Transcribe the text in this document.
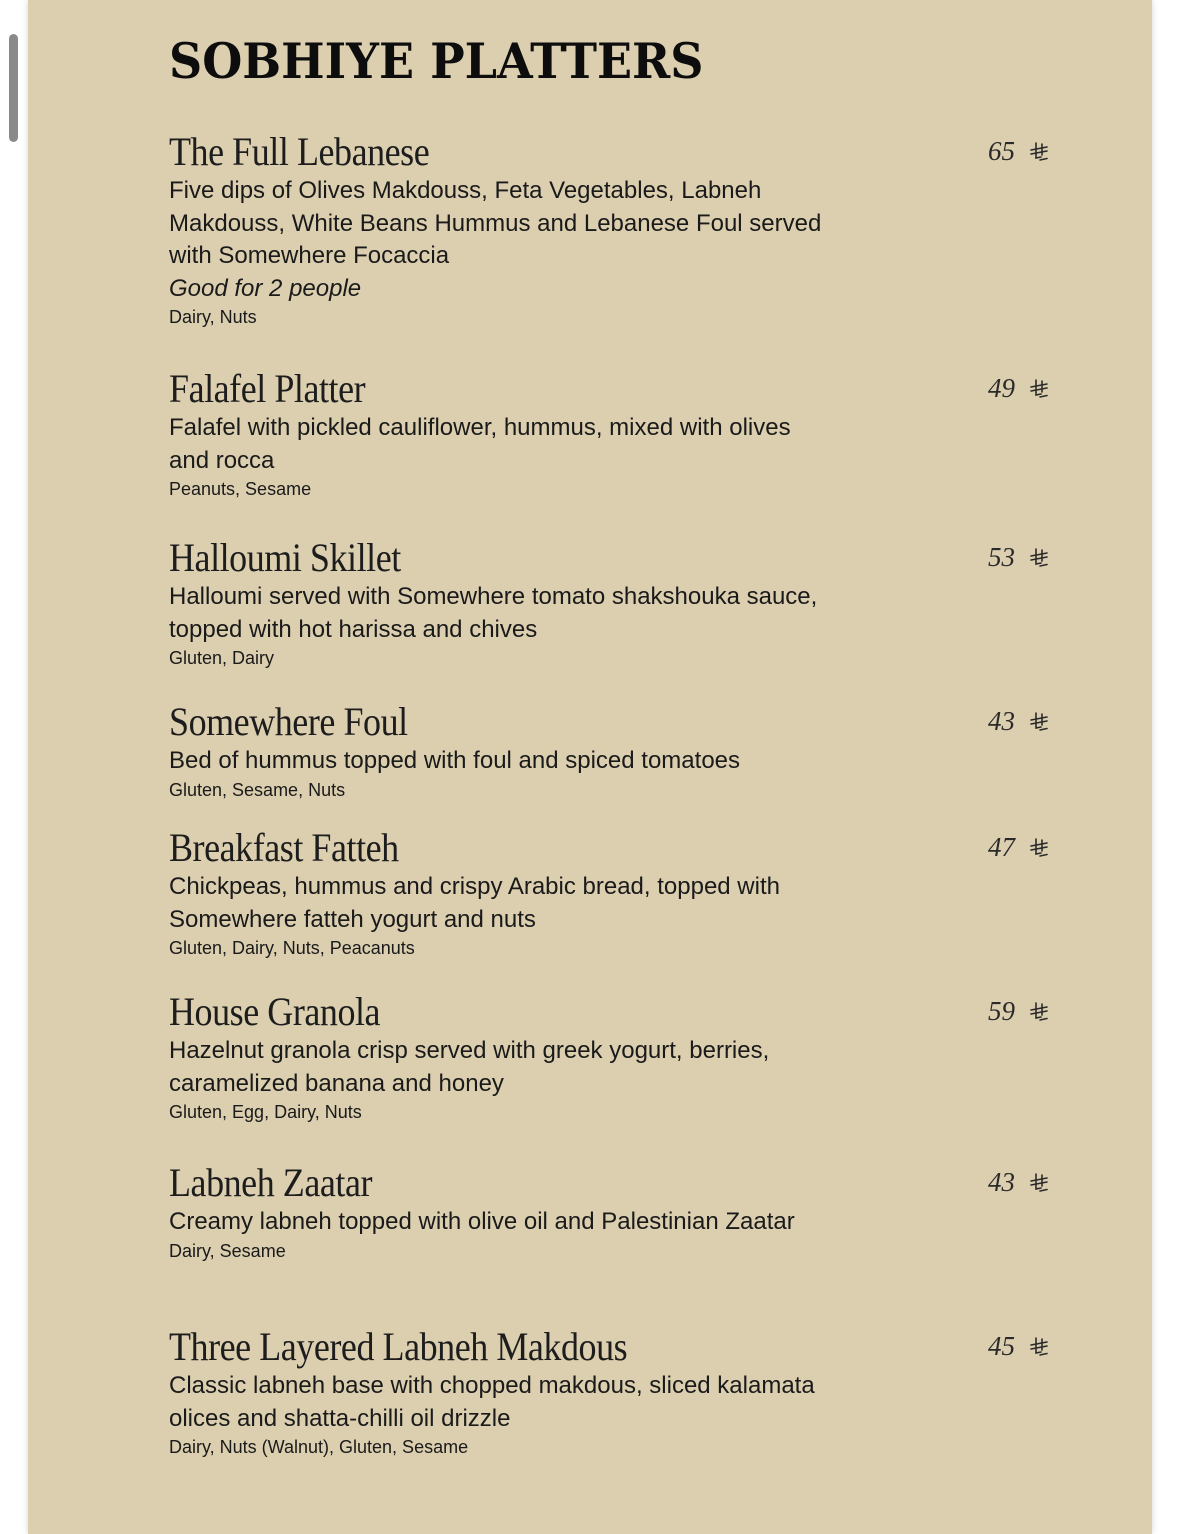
SOBHIYE PLATTERS
The Full Lebanese
Five dips of Olives Makdouss, Feta Vegetables, Labneh Makdouss, White Beans Hummus and Lebanese Foul served with Somewhere Focaccia
Good for 2 people
Dairy, Nuts
65
Falafel Platter
Falafel with pickled cauliflower, hummus, mixed with olives and rocca
Peanuts, Sesame
49
Halloumi Skillet
Halloumi served with Somewhere tomato shakshouka sauce, topped with hot harissa and chives
Gluten, Dairy
53
Somewhere Foul
Bed of hummus topped with foul and spiced tomatoes
Gluten, Sesame, Nuts
43
Breakfast Fatteh
Chickpeas, hummus and crispy Arabic bread, topped with Somewhere fatteh yogurt and nuts
Gluten, Dairy, Nuts, Peacanuts
47
House Granola
Hazelnut granola crisp served with greek yogurt, berries, caramelized banana and honey
Gluten, Egg, Dairy, Nuts
59
Labneh Zaatar
Creamy labneh topped with olive oil and Palestinian Zaatar
Dairy, Sesame
43
Three Layered Labneh Makdous
Classic labneh base with chopped makdous, sliced kalamata olices and shatta-chilli oil drizzle
Dairy, Nuts (Walnut), Gluten, Sesame
45
